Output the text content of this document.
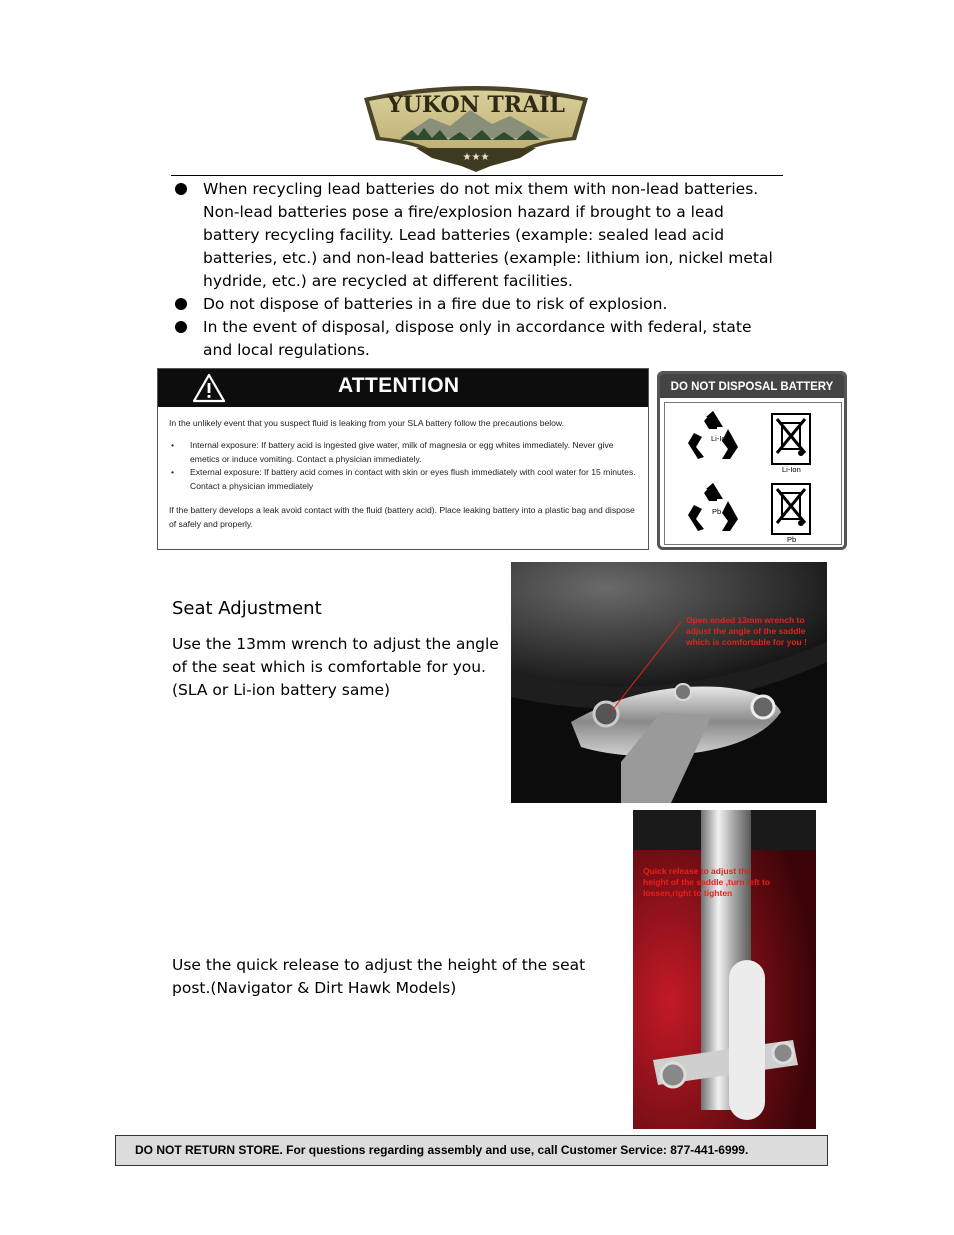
YUKON TRAIL
★★★
When recycling lead batteries do not mix them with non-lead batteries. Non-lead batteries pose a fire/explosion hazard if brought to a lead battery recycling facility. Lead batteries (example: sealed lead acid batteries, etc.) and non-lead batteries (example: lithium ion, nickel metal hydride, etc.) are recycled at different facilities.
Do not dispose of batteries in a fire due to risk of explosion.
In the event of disposal, dispose only in accordance with federal, state and local regulations.
ATTENTION

In the unlikely event that you suspect fluid is leaking from your SLA battery follow the precautions below.

• Internal exposure: If battery acid is ingested give water, milk of magnesia or egg whites immediately. Never give emetics or induce vomiting. Contact a physician immediately.
• External exposure: If battery acid comes in contact with skin or eyes flush immediately with cool water for 15 minutes. Contact a physician immediately

If the battery develops a leak avoid contact with the fluid (battery acid). Place leaking battery into a plastic bag and dispose of safely and properly.

DO NOT DISPOSAL BATTERY
Li-Ion
Li-Ion
Pb
Pb
Seat Adjustment
Use the 13mm wrench to adjust the angle of the seat which is comfortable for you. (SLA or Li-ion battery same)
Open ended 13mm wrench to adjust the angle of the saddle which is comfortable for you !
Use the quick release to adjust the height of the seat post.(Navigator & Dirt Hawk Models)
Quick release to adjust the height of the saddle ,turn left to lossen,right to tighten
DO NOT RETURN STORE. For questions regarding assembly and use, call Customer Service: 877-441-6999.
